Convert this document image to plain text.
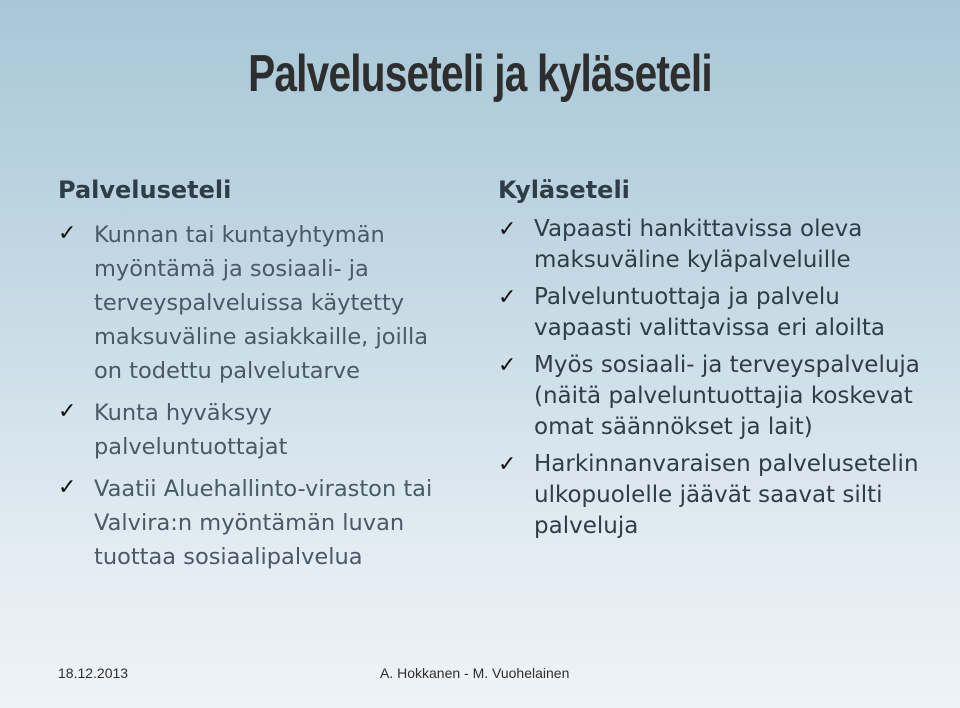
Palveluseteli ja kyläseteli
Palveluseteli
✓ Kunnan tai kuntayhtymän myöntämä ja sosiaali- ja terveyspalveluissa käytetty maksuväline asiakkaille, joilla on todettu palvelutarve
✓ Kunta hyväksyy palveluntuottajat
✓ Vaatii Aluehallinto-viraston tai Valvira:n myöntämän luvan tuottaa sosiaalipalvelua
Kyläseteli
✓ Vapaasti hankittavissa oleva maksuväline kyläpalveluille
✓ Palveluntuottaja ja palvelu vapaasti valittavissa eri aloilta
✓ Myös sosiaali- ja terveyspalveluja (näitä palveluntuottajia koskevat omat säännökset ja lait)
✓ Harkinnanvaraisen palvelusetelin ulkopuolelle jäävät saavat silti palveluja
18.12.2013	A. Hokkanen - M. Vuohelainen
